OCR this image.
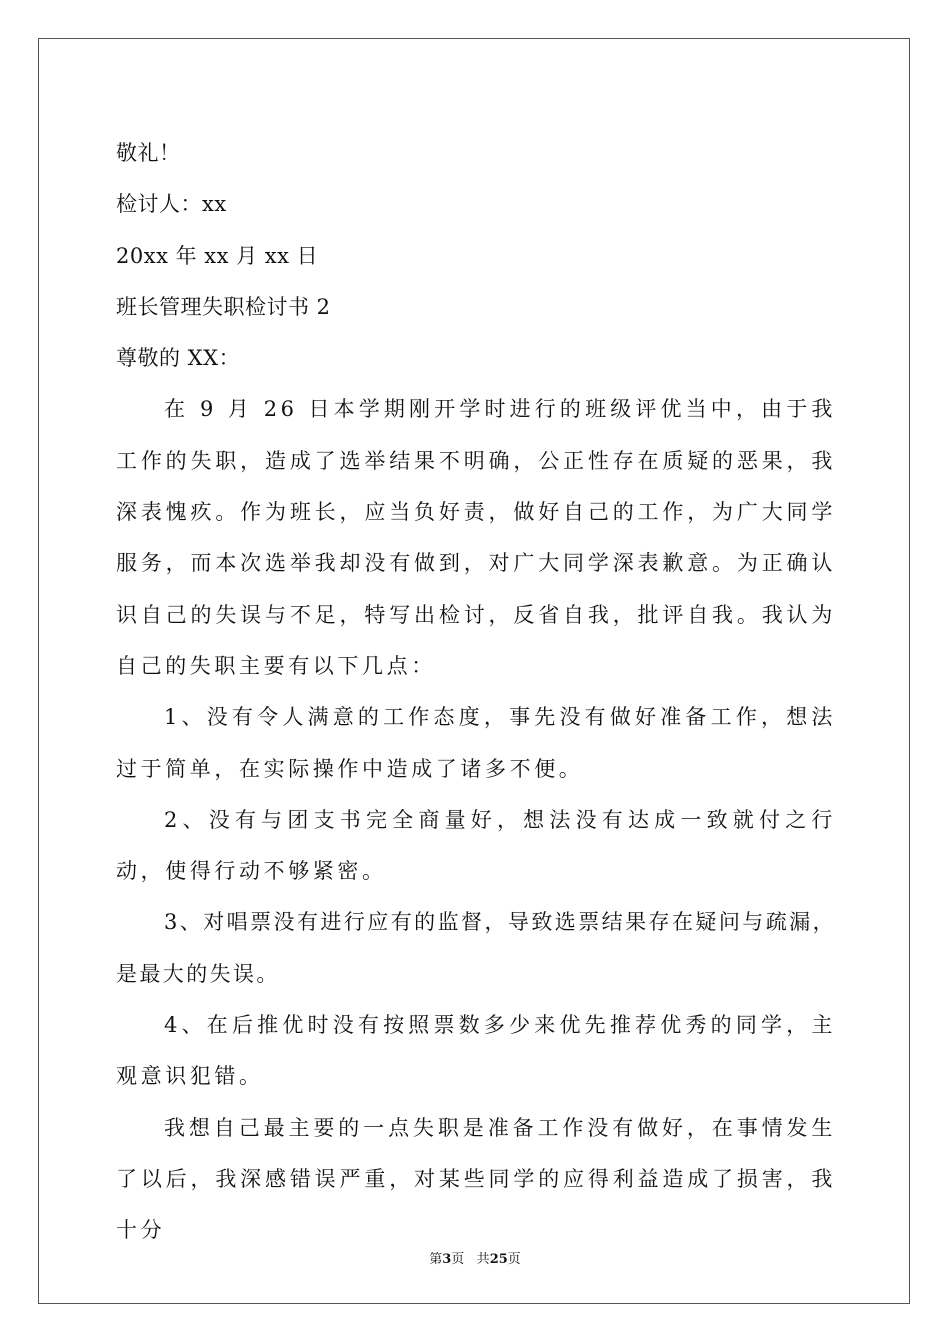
敬礼！
检讨人：xx
20xx 年 xx 月 xx 日
班长管理失职检讨书 2
尊敬的 XX：

在 9 月 26 日本学期刚开学时进行的班级评优当中，由于我工作的失职，造成了选举结果不明确，公正性存在质疑的恶果，我深表愧疚。作为班长，应当负好责，做好自己的工作，为广大同学服务，而本次选举我却没有做到，对广大同学深表歉意。为正确认识自己的失误与不足，特写出检讨，反省自我，批评自我。我认为自己的失职主要有以下几点：

1、没有令人满意的工作态度，事先没有做好准备工作，想法过于简单，在实际操作中造成了诸多不便。

2、没有与团支书完全商量好，想法没有达成一致就付之行动，使得行动不够紧密。

3、对唱票没有进行应有的监督，导致选票结果存在疑问与疏漏，是最大的失误。

4、在后推优时没有按照票数多少来优先推荐优秀的同学，主观意识犯错。

我想自己最主要的一点失职是准备工作没有做好，在事情发生了以后，我深感错误严重，对某些同学的应得利益造成了损害，我十分

第3页 共25页
